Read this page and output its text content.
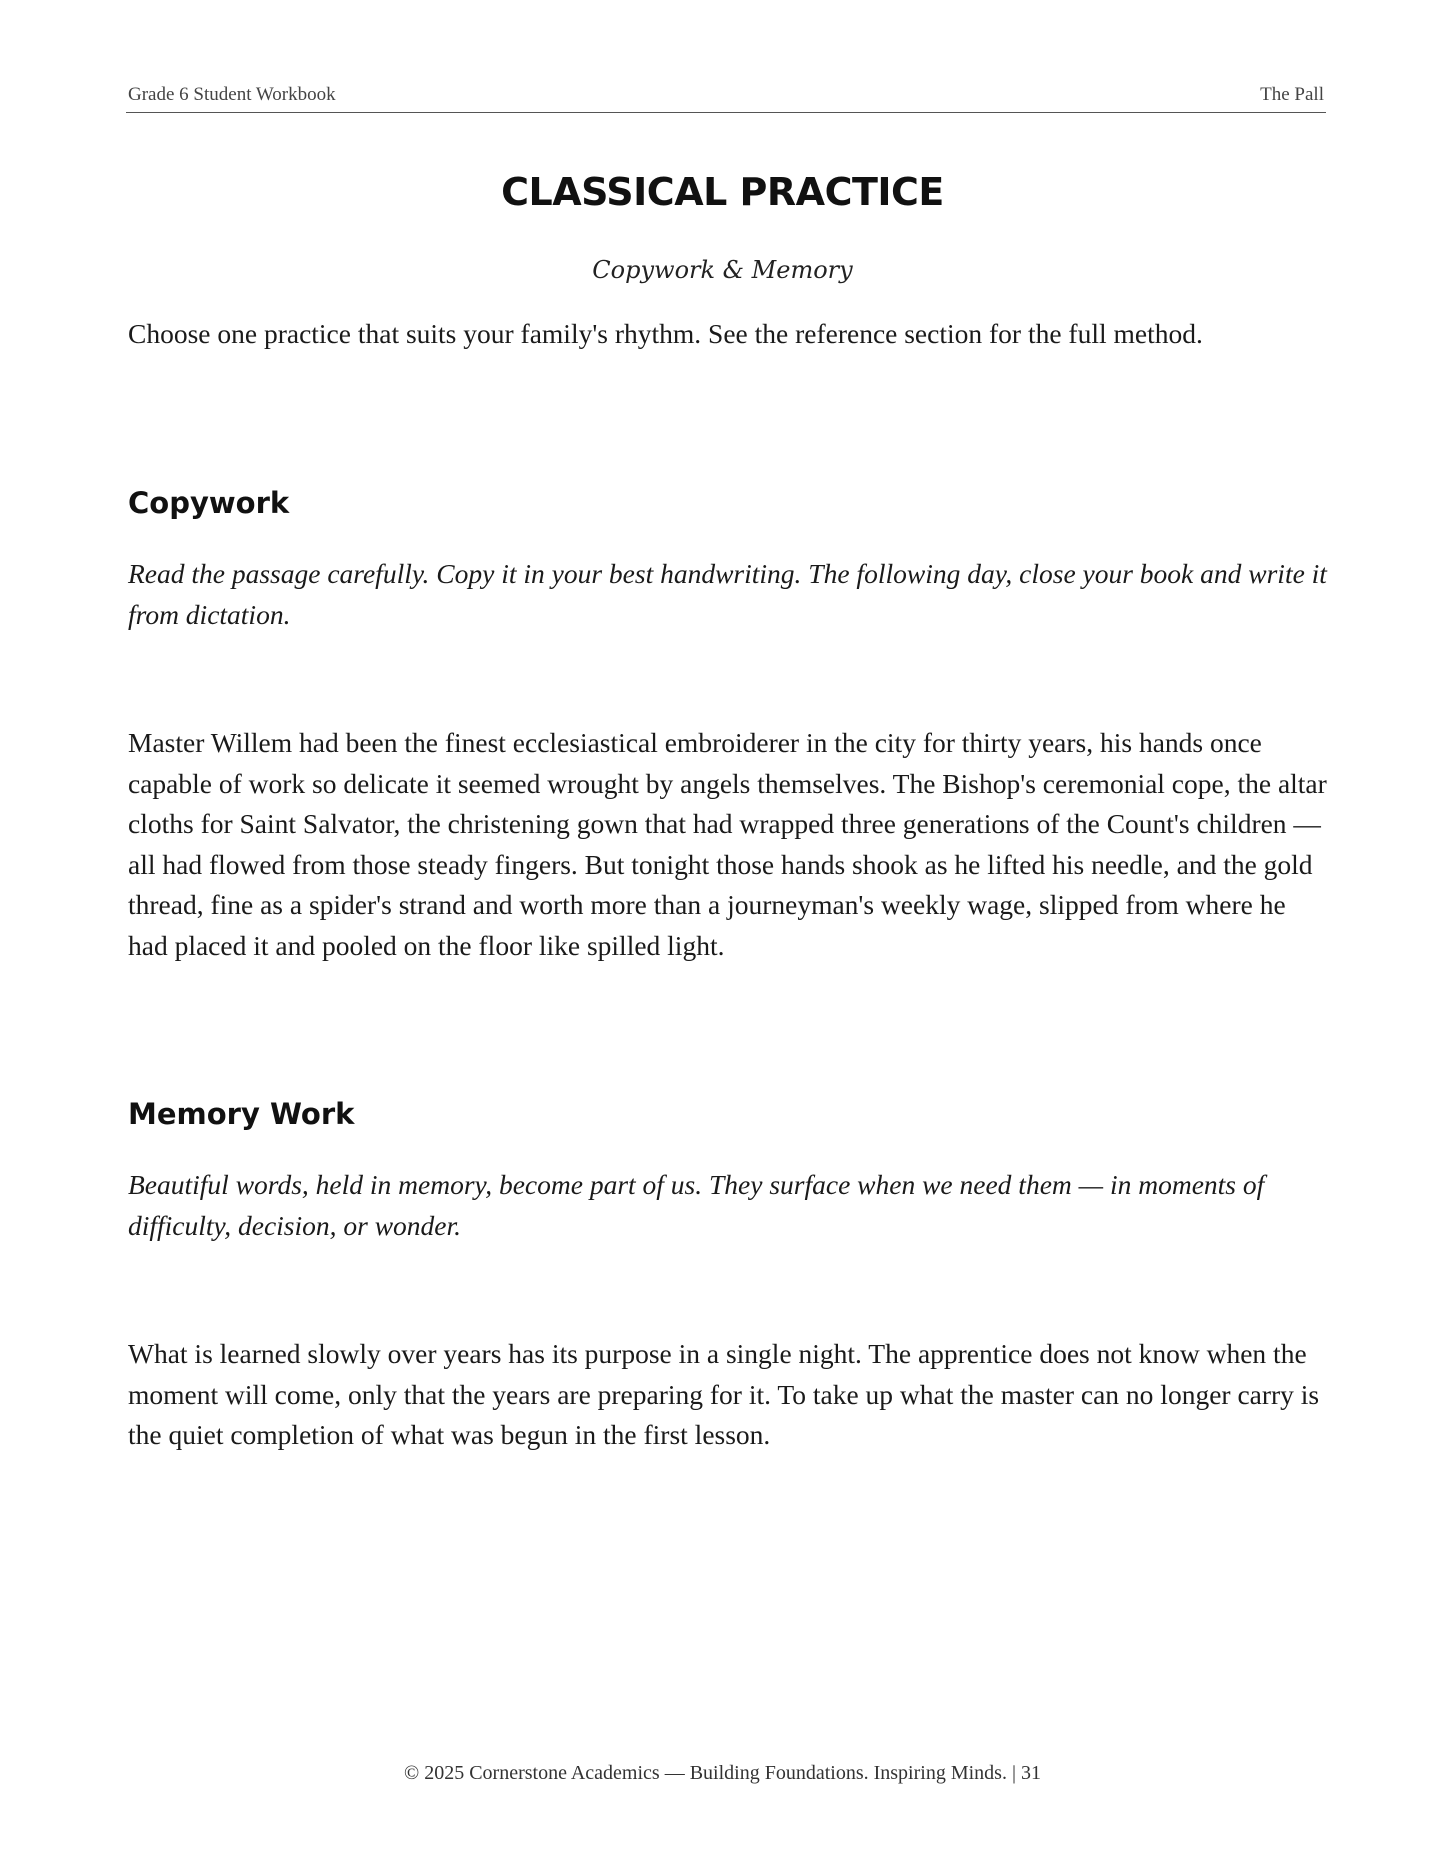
Grade 6 Student Workbook	The Pall
CLASSICAL PRACTICE

Copywork & Memory

Choose one practice that suits your family's rhythm. See the reference section for the full method.

Copywork

Read the passage carefully. Copy it in your best handwriting. The following day, close your book and write it from dictation.

Master Willem had been the finest ecclesiastical embroiderer in the city for thirty years, his hands once capable of work so delicate it seemed wrought by angels themselves. The Bishop's ceremonial cope, the altar cloths for Saint Salvator, the christening gown that had wrapped three generations of the Count's children — all had flowed from those steady fingers. But tonight those hands shook as he lifted his needle, and the gold thread, fine as a spider's strand and worth more than a journeyman's weekly wage, slipped from where he had placed it and pooled on the floor like spilled light.

Memory Work

Beautiful words, held in memory, become part of us. They surface when we need them — in moments of difficulty, decision, or wonder.

What is learned slowly over years has its purpose in a single night. The apprentice does not know when the moment will come, only that the years are preparing for it. To take up what the master can no longer carry is the quiet completion of what was begun in the first lesson.

© 2025 Cornerstone Academics — Building Foundations. Inspiring Minds. | 31
